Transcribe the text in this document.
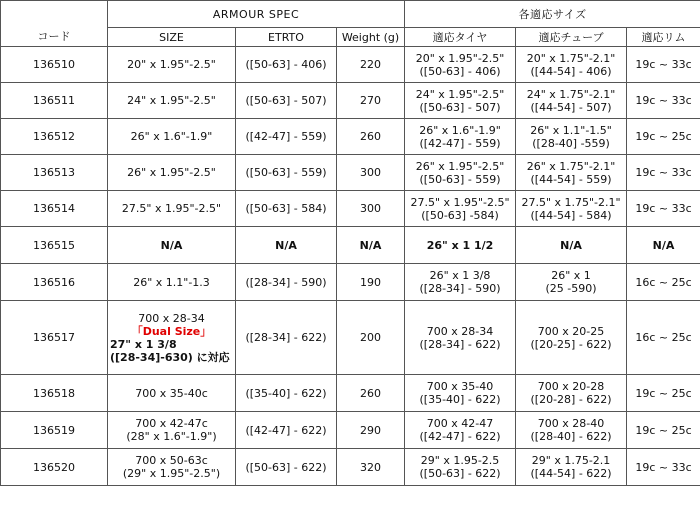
	ARMOUR SPEC			各適応サイズ		
コード	SIZE	ETRTO	Weight (g)	適応タイヤ	適応チューブ	適応リム
136510	20" x 1.95"-2.5"	([50-63] - 406)	220	20" x 1.95"-2.5"
([50-63] - 406)	20" x 1.75"-2.1"
([44-54] - 406)	19c ~ 33c
136511	24" x 1.95"-2.5"	([50-63] - 507)	270	24" x 1.95"-2.5"
([50-63] - 507)	24" x 1.75"-2.1"
([44-54] - 507)	19c ~ 33c
136512	26" x 1.6"-1.9"	([42-47] - 559)	260	26" x 1.6"-1.9"
([42-47] - 559)	26" x 1.1"-1.5"
([28-40] -559)	19c ~ 25c
136513	26" x 1.95"-2.5"	([50-63] - 559)	300	26" x 1.95"-2.5"
([50-63] - 559)	26" x 1.75"-2.1"
([44-54] - 559)	19c ~ 33c
136514	27.5" x 1.95"-2.5"	([50-63] - 584)	300	27.5" x 1.95"-2.5"
([50-63] -584)	27.5" x 1.75"-2.1"
([44-54] - 584)	19c ~ 33c
136515	N/A	N/A	N/A	26" x 1 1/2	N/A	N/A
136516	26" x 1.1"-1.3	([28-34] - 590)	190	26" x 1 3/8
([28-34] - 590)	26" x 1
(25 -590)	16c ~ 25c
136517	700 x 28-34
「Dual Size」
27" x 1 3/8
([28-34]-630) に対応	([28-34] - 622)	200	700 x 28-34
([28-34] - 622)	700 x 20-25
([20-25] - 622)	16c ~ 25c
136518	700 x 35-40c	([35-40] - 622)	260	700 x 35-40
([35-40] - 622)	700 x 20-28
([20-28] - 622)	19c ~ 25c
136519	700 x 42-47c
(28" x 1.6"-1.9")	([42-47] - 622)	290	700 x 42-47
([42-47] - 622)	700 x 28-40
([28-40] - 622)	19c ~ 25c
136520	700 x 50-63c
(29" x 1.95"-2.5")	([50-63] - 622)	320	29" x 1.95-2.5
([50-63] - 622)	29" x 1.75-2.1
([44-54] - 622)	19c ~ 33c
